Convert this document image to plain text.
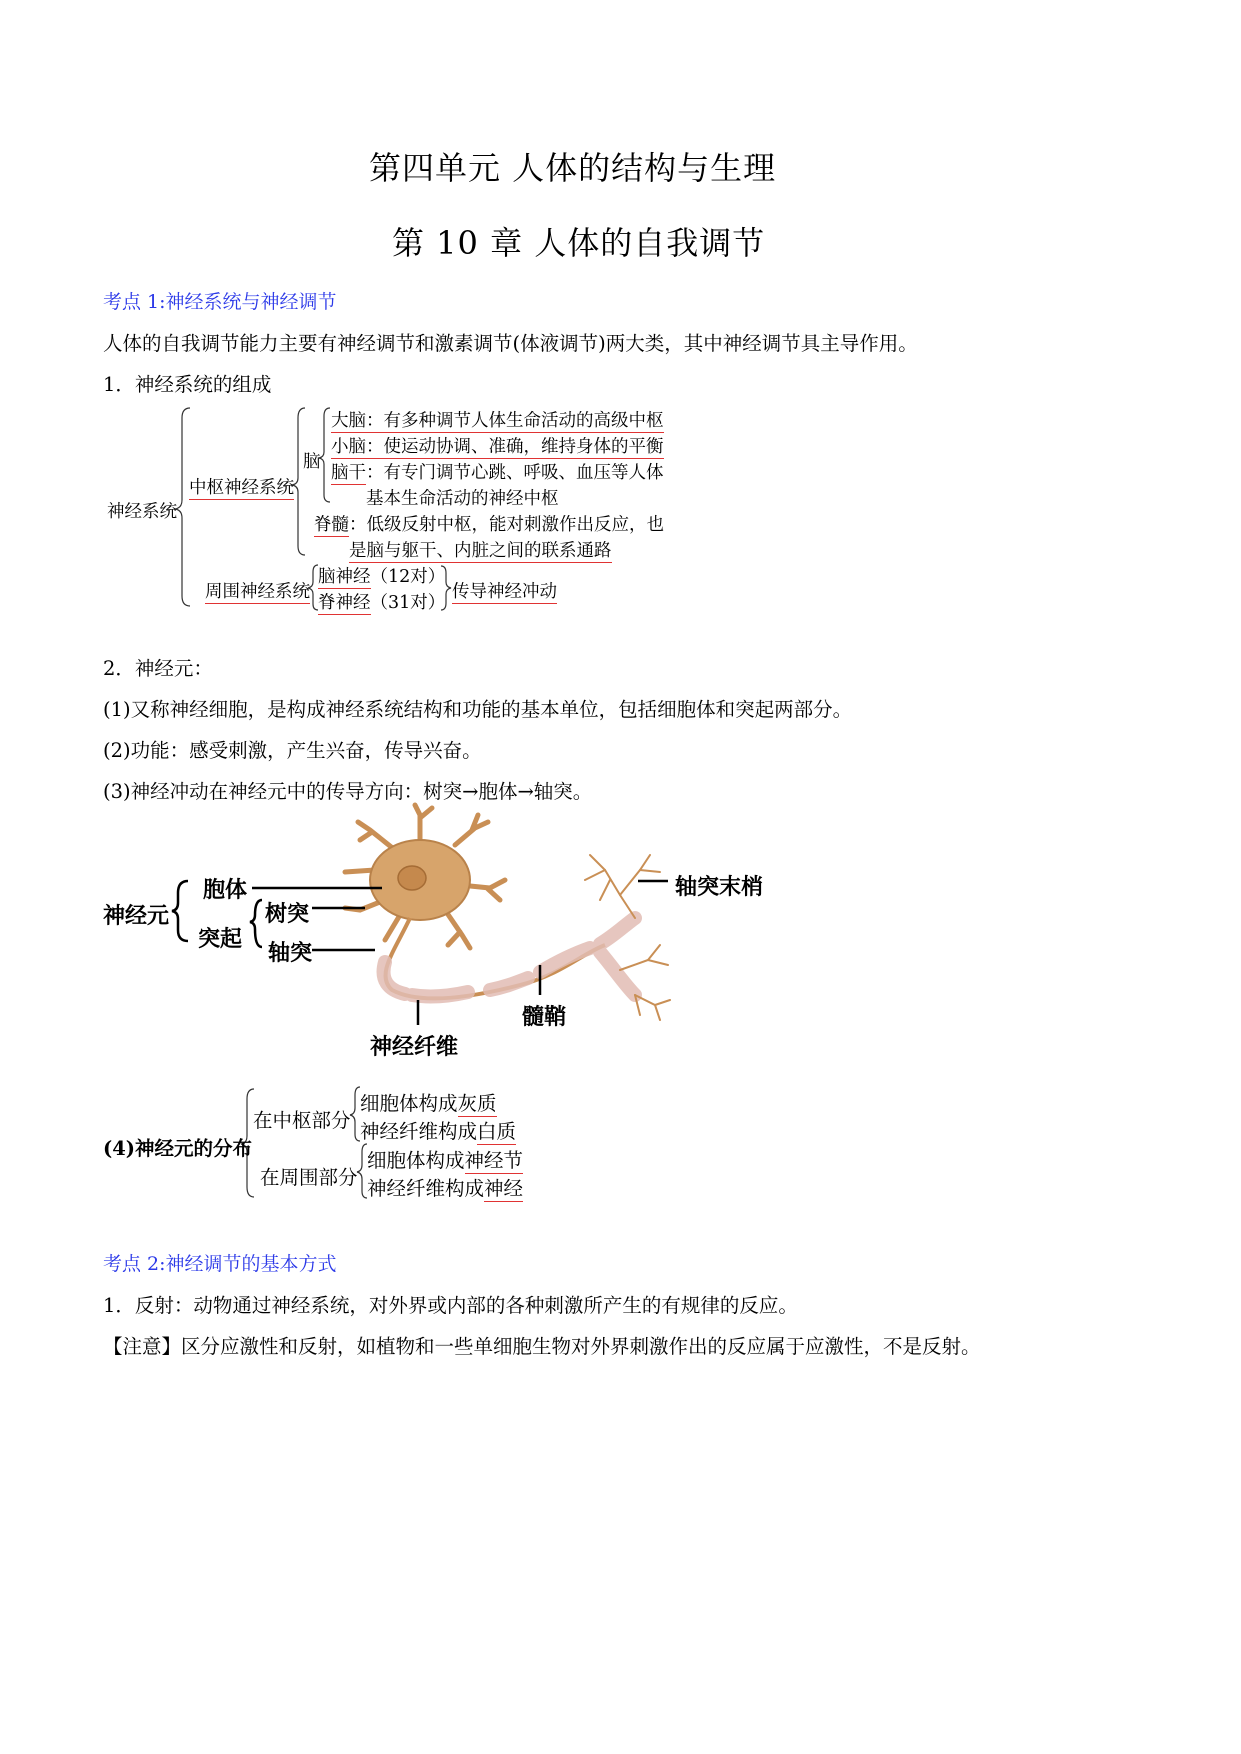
第四单元 人体的结构与生理
第 10 章 人体的自我调节
考点 1:神经系统与神经调节
人体的自我调节能力主要有神经调节和激素调节(体液调节)两大类，其中神经调节具主导作用。
1．神经系统的组成
神经系统
中枢神经系统
脑
大脑：有多种调节人体生命活动的高级中枢
小脑：使运动协调、准确，维持身体的平衡
脑干：有专门调节心跳、呼吸、血压等人体
基本生命活动的神经中枢
脊髓：低级反射中枢，能对刺激作出反应，也
是脑与躯干、内脏之间的联系通路
周围神经系统
脑神经（12对）
脊神经（31对）
传导神经冲动
2．神经元：
(1)又称神经细胞，是构成神经系统结构和功能的基本单位，包括细胞体和突起两部分。
(2)功能：感受刺激，产生兴奋，传导兴奋。
(3)神经冲动在神经元中的传导方向：树突→胞体→轴突。
神经元
胞体
突起
树突
轴突
轴突末梢
髓鞘
神经纤维
(4)神经元的分布
在中枢部分
在周围部分
细胞体构成灰质
神经纤维构成白质
细胞体构成神经节
神经纤维构成神经
考点 2:神经调节的基本方式
1．反射：动物通过神经系统，对外界或内部的各种刺激所产生的有规律的反应。
【注意】区分应激性和反射，如植物和一些单细胞生物对外界刺激作出的反应属于应激性，不是反射。
